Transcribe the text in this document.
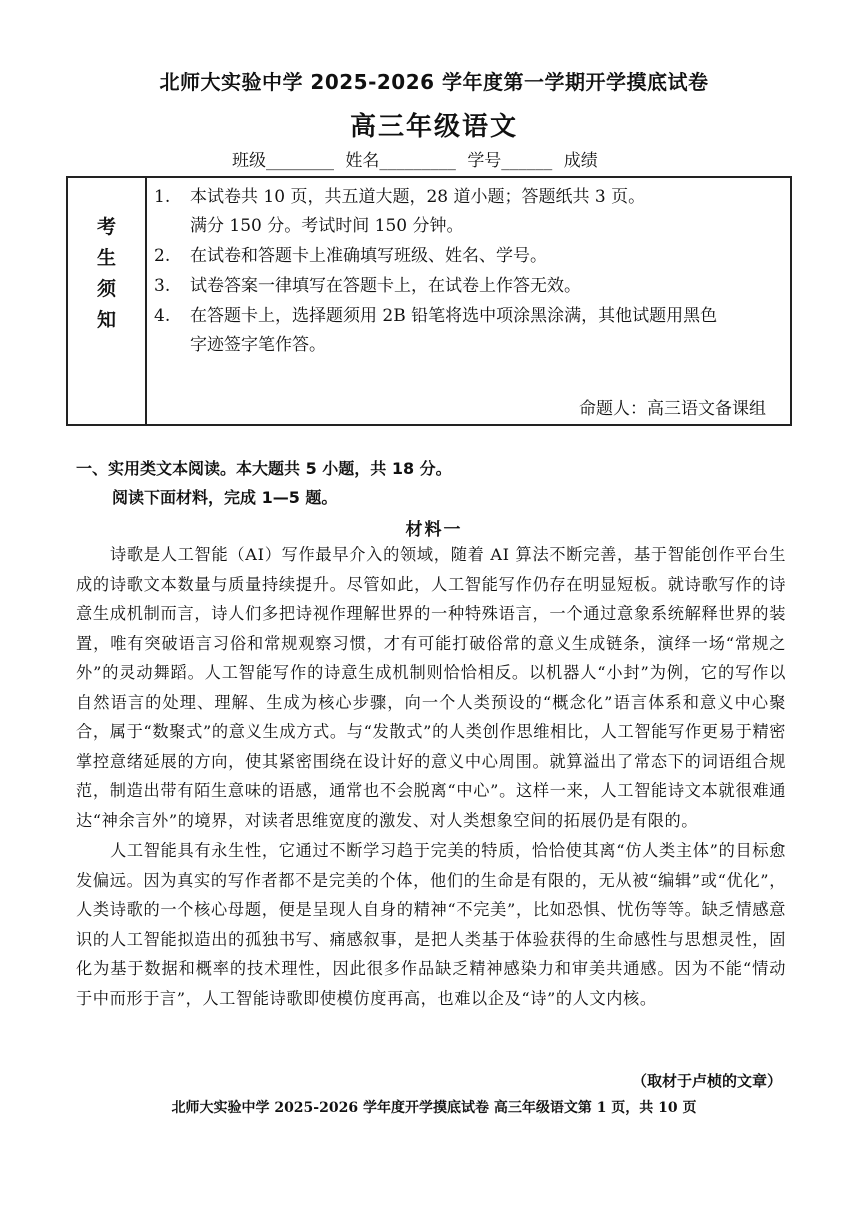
北师大实验中学 2025-2026 学年度第一学期开学摸底试卷
高三年级语文
班级________ 姓名_________ 学号______ 成绩
考
生
须
知
1. 本试卷共 10 页，共五道大题，28 道小题；答题纸共 3 页。
满分 150 分。考试时间 150 分钟。
2. 在试卷和答题卡上准确填写班级、姓名、学号。
3. 试卷答案一律填写在答题卡上，在试卷上作答无效。
4. 在答题卡上，选择题须用 2B 铅笔将选中项涂黑涂满，其他试题用黑色
字迹签字笔作答。
命题人：高三语文备课组
一、实用类文本阅读。本大题共 5 小题，共 18 分。
阅读下面材料，完成 1—5 题。
材料一
诗歌是人工智能（AI）写作最早介入的领域，随着 AI 算法不断完善，基于智能创作平台生成的诗歌文本数量与质量持续提升。尽管如此，人工智能写作仍存在明显短板。就诗歌写作的诗意生成机制而言，诗人们多把诗视作理解世界的一种特殊语言，一个通过意象系统解释世界的装置，唯有突破语言习俗和常规观察习惯，才有可能打破俗常的意义生成链条，演绎一场“常规之外”的灵动舞蹈。人工智能写作的诗意生成机制则恰恰相反。以机器人“小封”为例，它的写作以自然语言的处理、理解、生成为核心步骤，向一个人类预设的“概念化”语言体系和意义中心聚合，属于“数聚式”的意义生成方式。与“发散式”的人类创作思维相比，人工智能写作更易于精密掌控意绪延展的方向，使其紧密围绕在设计好的意义中心周围。就算溢出了常态下的词语组合规范，制造出带有陌生意味的语感，通常也不会脱离“中心”。这样一来，人工智能诗文本就很难通达“神余言外”的境界，对读者思维宽度的激发、对人类想象空间的拓展仍是有限的。
人工智能具有永生性，它通过不断学习趋于完美的特质，恰恰使其离“仿人类主体”的目标愈发偏远。因为真实的写作者都不是完美的个体，他们的生命是有限的，无从被“编辑”或“优化”，人类诗歌的一个核心母题，便是呈现人自身的精神“不完美”，比如恐惧、忧伤等等。缺乏情感意识的人工智能拟造出的孤独书写、痛感叙事，是把人类基于体验获得的生命感性与思想灵性，固化为基于数据和概率的技术理性，因此很多作品缺乏精神感染力和审美共通感。因为不能“情动于中而形于言”，人工智能诗歌即使模仿度再高，也难以企及“诗”的人文内核。
（取材于卢桢的文章）
北师大实验中学 2025-2026 学年度开学摸底试卷 高三年级语文第 1 页，共 10 页
